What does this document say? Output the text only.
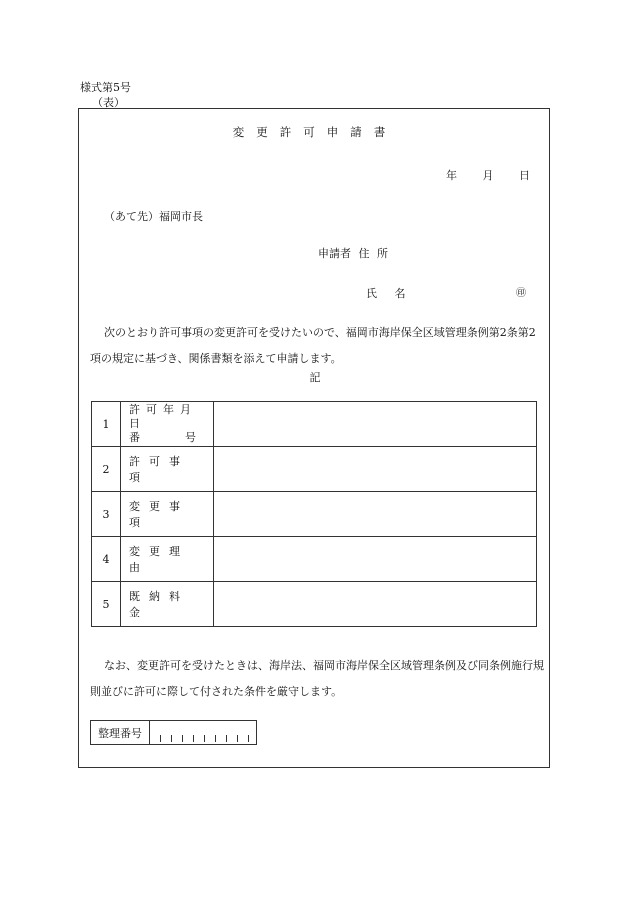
様式第5号
（表）
変更許可申請書
年 月 日
（あて先）福岡市長
申請者 住 所
氏 名	㊞
次のとおり許可事項の変更許可を受けたいので、福岡市海岸保全区域管理条例第2条第2項の規定に基づき、関係書類を添えて申請します。
記
1	許可年月日
番　　　号	

2	許可事項	

3	変更事項	

4	変更理由	

5	既納料金	

なお、変更許可を受けたときは、海岸法、福岡市海岸保全区域管理条例及び同条例施行規則並びに許可に際して付された条件を厳守します。
整理番号
